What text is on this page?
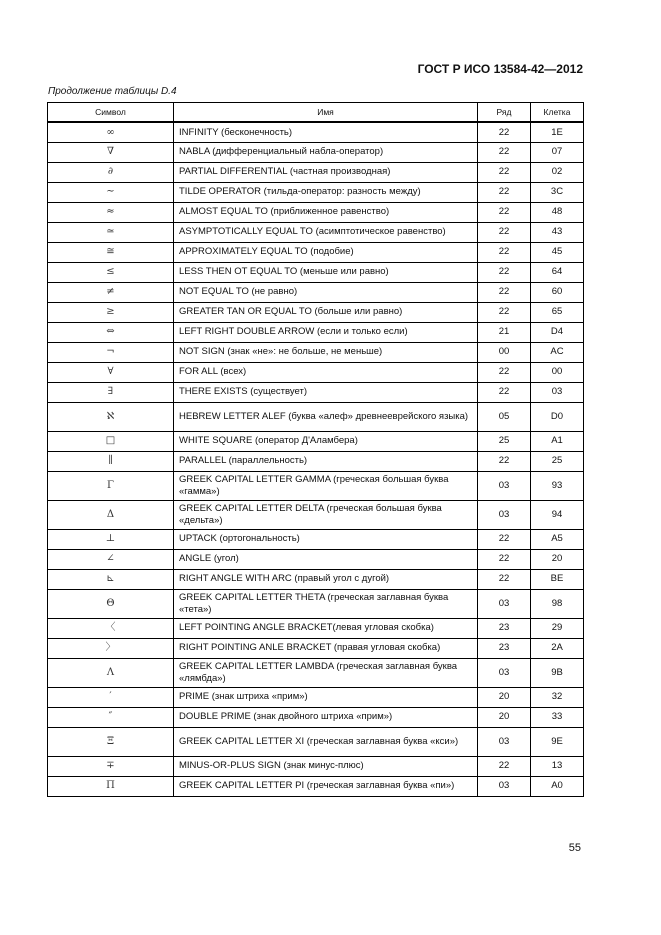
ГОСТ Р ИСО 13584-42—2012
Продолжение таблицы D.4
Символ	Имя	Ряд	Клетка
∞	INFINITY (бесконечность)	22	1E
∇	NABLA (дифференциальный набла-оператор)	22	07
∂	PARTIAL DIFFERENTIAL (частная производная)	22	02
∼	TILDE OPERATOR (тильда-оператор: разность между)	22	3C
≈	ALMOST EQUAL TO (приближенное равенство)	22	48
≃	ASYMPTOTICALLY EQUAL TO (асимптотическое равенство)	22	43
≅	APPROXIMATELY EQUAL TO (подобие)	22	45
≤	LESS THEN OT EQUAL TO (меньше или равно)	22	64
≠	NOT EQUAL TO (не равно)	22	60
≥	GREATER TAN OR EQUAL TO (больше или равно)	22	65
⇔	LEFT RIGHT DOUBLE ARROW (если и только если)	21	D4
¬	NOT SIGN (знак «не»: не больше, не меньше)	00	AC
∀	FOR ALL (всех)	22	00
∃	THERE EXISTS (существует)	22	03
ℵ	HEBREW LETTER ALEF (буква «алеф» древнееврейского языка)	05	D0
□	WHITE SQUARE (оператор Д'Аламбера)	25	A1
∥	PARALLEL (параллельность)	22	25
Γ	GREEK CAPITAL LETTER GAMMA (греческая большая буква «гамма»)	03	93
Δ	GREEK CAPITAL LETTER DELTA (греческая большая буква «дельта»)	03	94
⊥	UPTACK (ортогональность)	22	A5
∠	ANGLE (угол)	22	20
⊾	RIGHT ANGLE WITH ARC (правый угол с дугой)	22	BE
Θ	GREEK CAPITAL LETTER THETA (греческая заглавная буква «тета»)	03	98
〈	LEFT POINTING ANGLE BRACKET(левая угловая скобка)	23	29
〉	RIGHT POINTING ANLE BRACKET (правая угловая скобка)	23	2A
Λ	GREEK CAPITAL LETTER LAMBDA (греческая заглавная буква «лямбда»)	03	9B
′	PRIME (знак штриха «прим»)	20	32
″	DOUBLE PRIME (знак двойного штриха «прим»)	20	33
Ξ	GREEK CAPITAL LETTER XI (греческая заглавная буква «кси»)	03	9E
∓	MINUS-OR-PLUS SIGN (знак минус-плюс)	22	13
Π	GREEK CAPITAL LETTER PI (греческая заглавная буква «пи»)	03	A0
55
